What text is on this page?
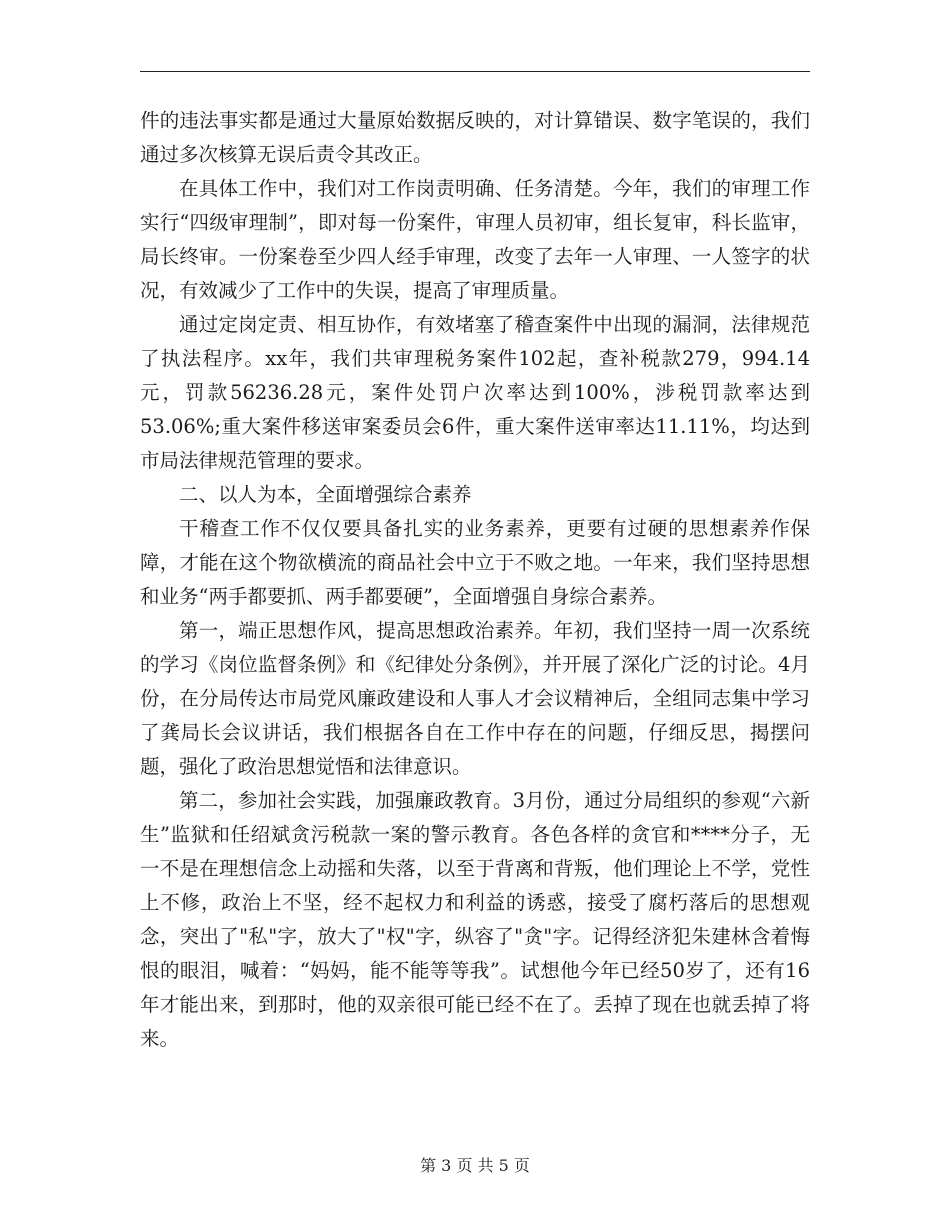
件的违法事实都是通过大量原始数据反映的，对计算错误、数字笔误的，我们通过多次核算无误后责令其改正。

在具体工作中，我们对工作岗责明确、任务清楚。今年，我们的审理工作实行“四级审理制”，即对每一份案件，审理人员初审，组长复审，科长监审，局长终审。一份案卷至少四人经手审理，改变了去年一人审理、一人签字的状况，有效减少了工作中的失误，提高了审理质量。

通过定岗定责、相互协作，有效堵塞了稽查案件中出现的漏洞，法律规范了执法程序。xx年，我们共审理税务案件102起，查补税款279，994.14元，罚款56236.28元，案件处罚户次率达到100%，涉税罚款率达到53.06%;重大案件移送审案委员会6件，重大案件送审率达11.11%，均达到市局法律规范管理的要求。

二、以人为本，全面增强综合素养

干稽查工作不仅仅要具备扎实的业务素养，更要有过硬的思想素养作保障，才能在这个物欲横流的商品社会中立于不败之地。一年来，我们坚持思想和业务“两手都要抓、两手都要硬”，全面增强自身综合素养。

第一，端正思想作风，提高思想政治素养。年初，我们坚持一周一次系统的学习《岗位监督条例》和《纪律处分条例》，并开展了深化广泛的讨论。4月份，在分局传达市局党风廉政建设和人事人才会议精神后，全组同志集中学习了龚局长会议讲话，我们根据各自在工作中存在的问题，仔细反思，揭摆问题，强化了政治思想觉悟和法律意识。

第二，参加社会实践，加强廉政教育。3月份，通过分局组织的参观“六新生”监狱和任绍斌贪污税款一案的警示教育。各色各样的贪官和****分子，无一不是在理想信念上动摇和失落，以至于背离和背叛，他们理论上不学，党性上不修，政治上不坚，经不起权力和利益的诱惑，接受了腐朽落后的思想观念，突出了"私"字，放大了"权"字，纵容了"贪"字。记得经济犯朱建林含着悔恨的眼泪，喊着：“妈妈，能不能等等我”。试想他今年已经50岁了，还有16年才能出来，到那时，他的双亲很可能已经不在了。丢掉了现在也就丢掉了将来。

第 3 页 共 5 页
